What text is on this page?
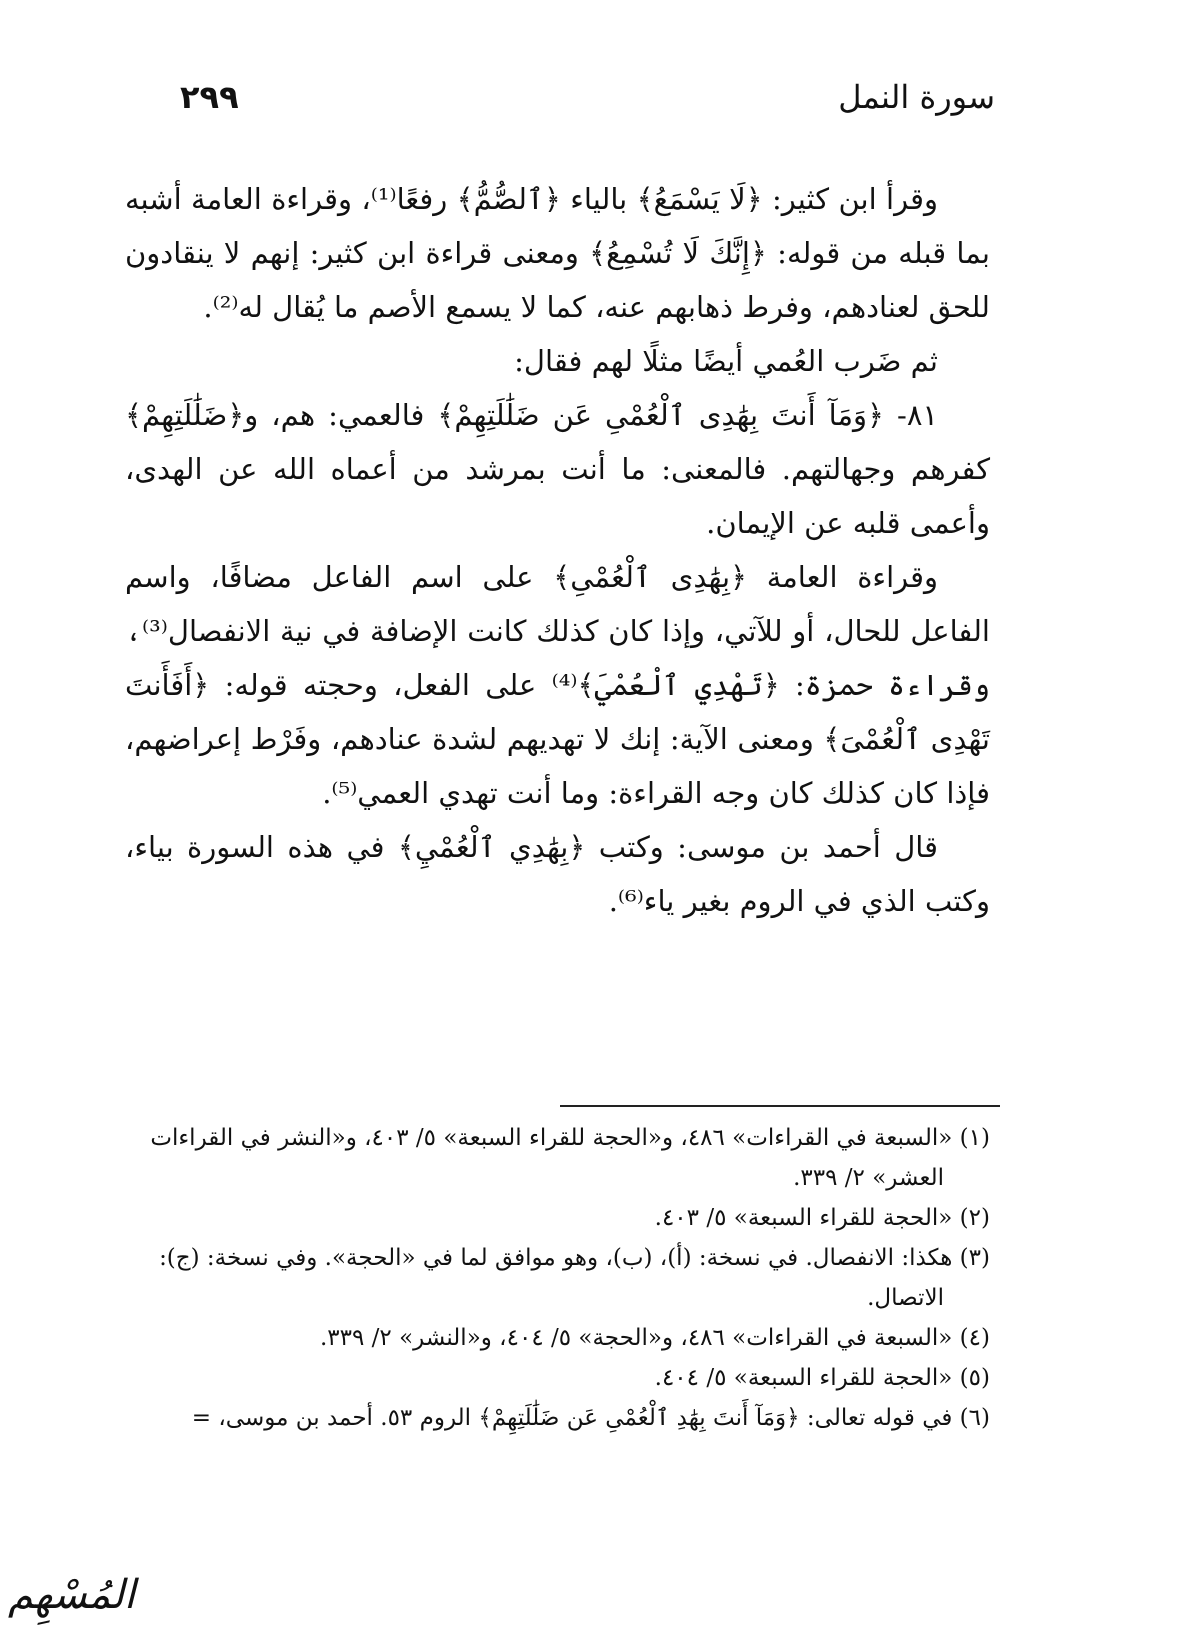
سورة النمل
٢٩٩

وقرأ ابن كثير: ﴿لَا يَسْمَعُ﴾ بالياء ﴿ٱلصُّمُّ﴾ رفعًا⁽¹⁾، وقراءة العامة أشبه بما قبله من قوله: ﴿إِنَّكَ لَا تُسْمِعُ﴾ ومعنى قراءة ابن كثير: إنهم لا ينقادون للحق لعنادهم، وفرط ذهابهم عنه، كما لا يسمع الأصم ما يُقال له⁽²⁾.

ثم ضَرب العُمي أيضًا مثلًا لهم فقال:

٨١- ﴿وَمَآ أَنتَ بِهَٰدِى ٱلْعُمْىِ عَن ضَلَٰلَتِهِمْ﴾ فالعمي: هم، و﴿ضَلَٰلَتِهِمْ﴾ كفرهم وجهالتهم. فالمعنى: ما أنت بمرشد من أعماه الله عن الهدى، وأعمى قلبه عن الإيمان.

وقراءة العامة ﴿بِهَٰدِى ٱلْعُمْىِ﴾ على اسم الفاعل مضافًا، واسم الفاعل للحال، أو للآتي، وإذا كان كذلك كانت الإضافة في نية الانفصال⁽³⁾، وقراءة حمزة: ﴿تَهْدِي ٱلْعُمْيَ﴾⁽⁴⁾ على الفعل، وحجته قوله: ﴿أَفَأَنتَ تَهْدِى ٱلْعُمْىَ﴾ ومعنى الآية: إنك لا تهديهم لشدة عنادهم، وفَرْط إعراضهم، فإذا كان كذلك كان وجه القراءة: وما أنت تهدي العمي⁽⁵⁾.

قال أحمد بن موسى: وكتب ﴿بِهَٰدِي ٱلْعُمْيِ﴾ في هذه السورة بياء، وكتب الذي في الروم بغير ياء⁽⁶⁾.

(١) «السبعة في القراءات» ٤٨٦، و«الحجة للقراء السبعة» ٥/ ٤٠٣، و«النشر في القراءات العشر» ٢/ ٣٣٩.

(٢) «الحجة للقراء السبعة» ٥/ ٤٠٣.

(٣) هكذا: الانفصال. في نسخة: (أ)، (ب)، وهو موافق لما في «الحجة». وفي نسخة: (ج): الاتصال.

(٤) «السبعة في القراءات» ٤٨٦، و«الحجة» ٥/ ٤٠٤، و«النشر» ٢/ ٣٣٩.

(٥) «الحجة للقراء السبعة» ٥/ ٤٠٤.

(٦) في قوله تعالى: ﴿وَمَآ أَنتَ بِهَٰدِ ٱلْعُمْىِ عَن ضَلَٰلَتِهِمْ﴾ الروم ٥٣. أحمد بن موسى، =

المُسْهِم
